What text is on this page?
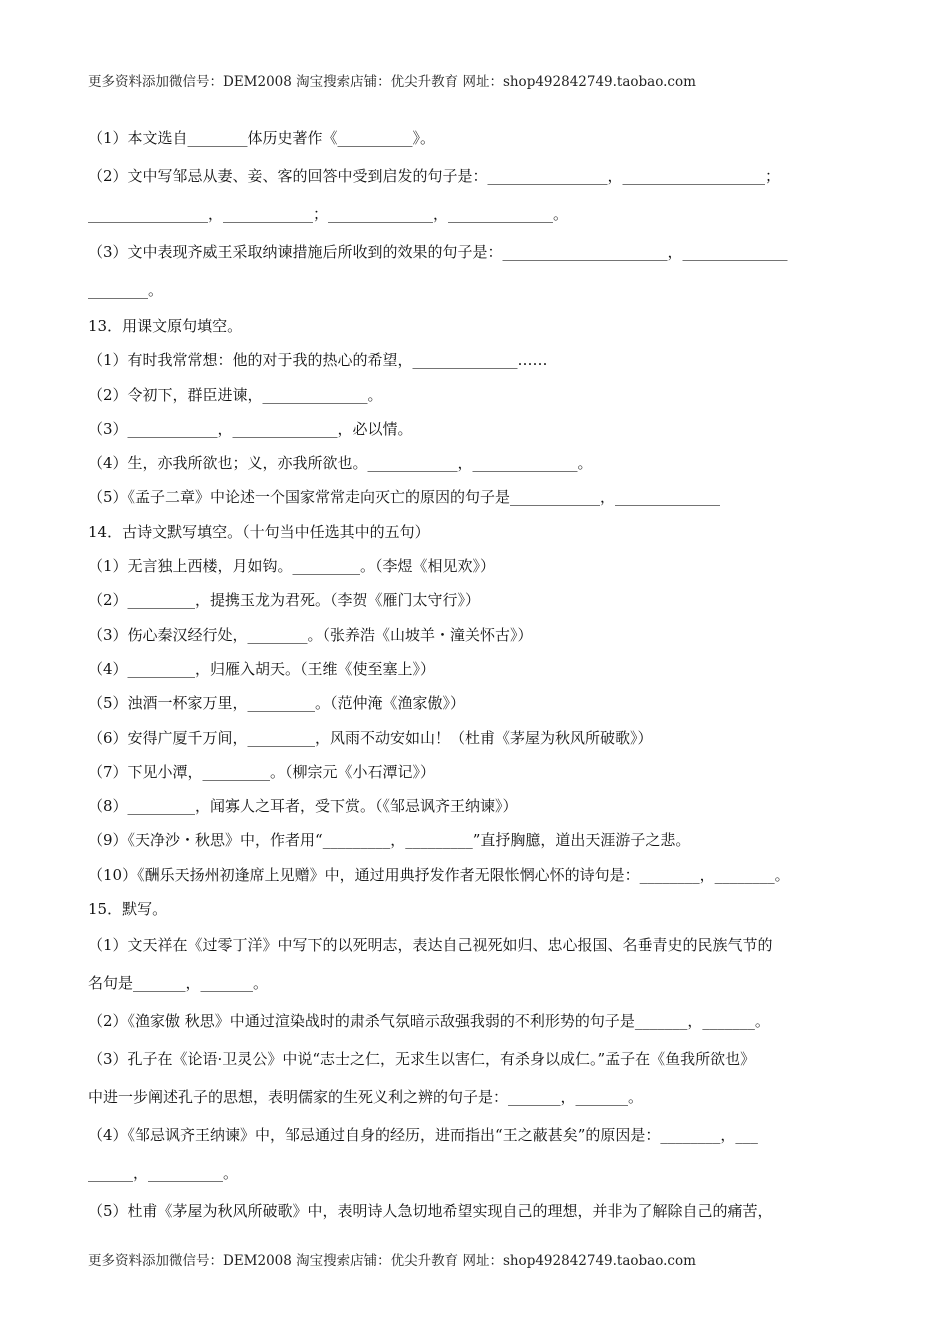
更多资料添加微信号：DEM2008 淘宝搜索店铺：优尖升教育 网址：shop492842749.taobao.com
（1）本文选自________体历史著作《__________》。
（2）文中写邹忌从妻、妾、客的回答中受到启发的句子是：________________，___________________；
________________，____________；______________，______________。
（3）文中表现齐威王采取纳谏措施后所收到的效果的句子是：______________________，______________
________。
13．用课文原句填空。
（1）有时我常常想：他的对于我的热心的希望，______________……
（2）令初下，群臣进谏，______________。
（3）____________，______________，必以情。
（4）生，亦我所欲也；义，亦我所欲也。____________，______________。
（5）《孟子二章》中论述一个国家常常走向灭亡的原因的句子是____________，______________
14．古诗文默写填空。（十句当中任选其中的五句）
（1）无言独上西楼，月如钩。_________。（李煜《相见欢》）
（2）_________，提携玉龙为君死。（李贺《雁门太守行》）
（3）伤心秦汉经行处，________。（张养浩《山坡羊・潼关怀古》）
（4）_________，归雁入胡天。（王维《使至塞上》）
（5）浊酒一杯家万里，_________。（范仲淹《渔家傲》）
（6）安得广厦千万间，_________，风雨不动安如山！（杜甫《茅屋为秋风所破歌》）
（7）下见小潭，_________。（柳宗元《小石潭记》）
（8）_________，闻寡人之耳者，受下赏。（《邹忌讽齐王纳谏》）
（9）《天净沙・秋思》中，作者用“_________，_________”直抒胸臆，道出天涯游子之悲。
（10）《酬乐天扬州初逢席上见赠》中，通过用典抒发作者无限怅惘心怀的诗句是：________，________。
15．默写。
（1）文天祥在《过零丁洋》中写下的以死明志，表达自己视死如归、忠心报国、名垂青史的民族气节的
名句是_______，_______。
（2）《渔家傲 秋思》中通过渲染战时的肃杀气氛暗示敌强我弱的不利形势的句子是_______，_______。
（3）孔子在《论语·卫灵公》中说“志士之仁，无求生以害仁，有杀身以成仁。”孟子在《鱼我所欲也》
中进一步阐述孔子的思想，表明儒家的生死义利之辨的句子是：_______，_______。
（4）《邹忌讽齐王纳谏》中，邹忌通过自身的经历，进而指出“王之蔽甚矣”的原因是：________，___
______，__________。
（5）杜甫《茅屋为秋风所破歌》中，表明诗人急切地希望实现自己的理想，并非为了解除自己的痛苦，
更多资料添加微信号：DEM2008 淘宝搜索店铺：优尖升教育 网址：shop492842749.taobao.com
